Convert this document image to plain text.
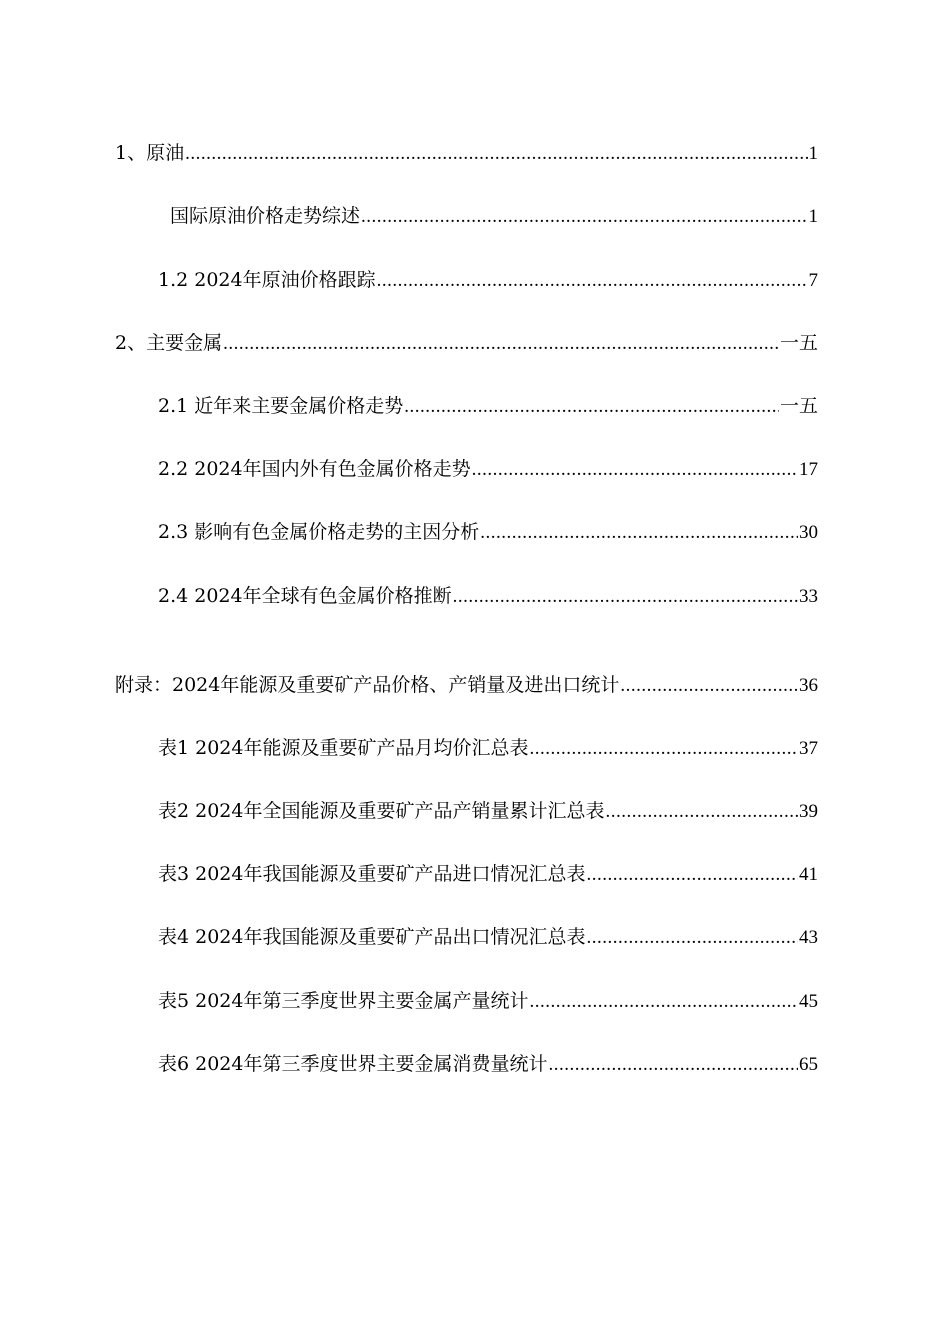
1、原油 .....	1
国际原油价格走势综述 .....	1
1.2 2024年原油价格跟踪 .....	7
2、主要金属 .....	一五
2.1 近年来主要金属价格走势 .....	一五
2.2 2024年国内外有色金属价格走势 .....	17
2.3 影响有色金属价格走势的主因分析 .....	30
2.4 2024年全球有色金属价格推断 .....	33
附录：2024年能源及重要矿产品价格、产销量及进出口统计 .....	36
表1 2024年能源及重要矿产品月均价汇总表 .....	37
表2 2024年全国能源及重要矿产品产销量累计汇总表 .....	39
表3 2024年我国能源及重要矿产品进口情况汇总表 .....	41
表4 2024年我国能源及重要矿产品出口情况汇总表 .....	43
表5 2024年第三季度世界主要金属产量统计 .....	45
表6 2024年第三季度世界主要金属消费量统计 .....	65
